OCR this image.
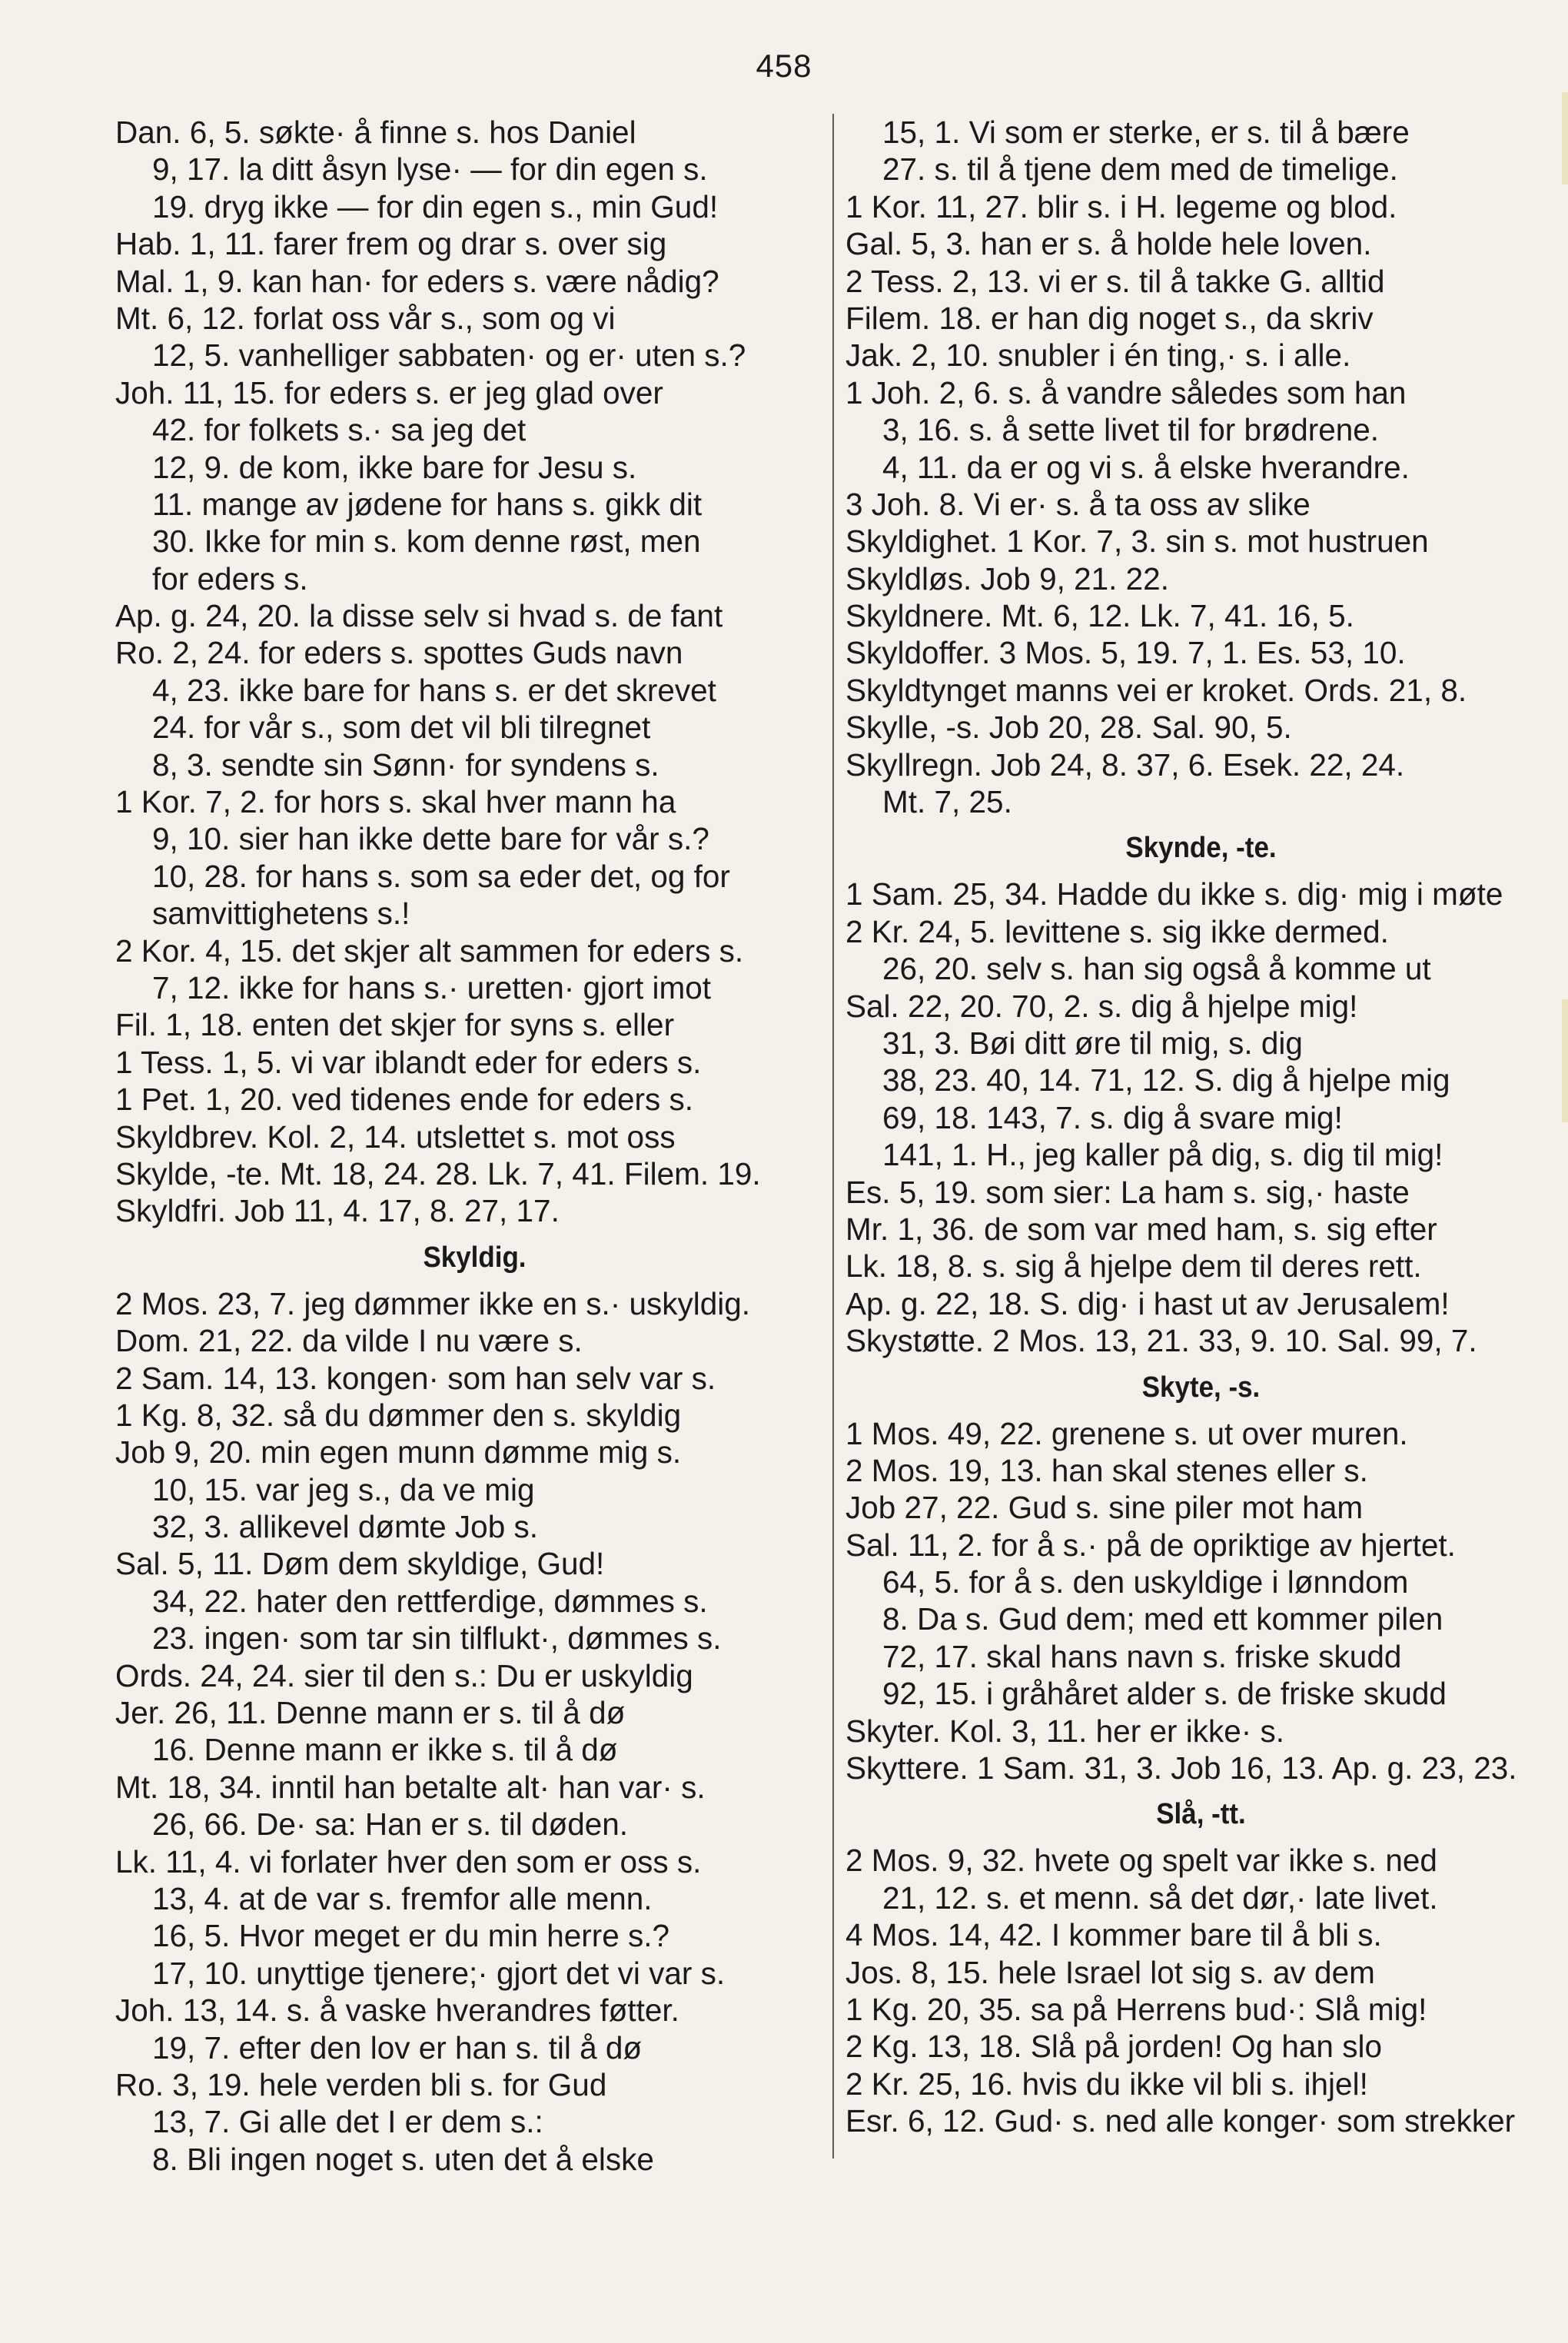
458
Dan. 6, 5. søkte· å finne s. hos Daniel
9, 17. la ditt åsyn lyse· — for din egen s.
19. dryg ikke — for din egen s., min Gud!
Hab. 1, 11. farer frem og drar s. over sig
Mal. 1, 9. kan han· for eders s. være nådig?
Mt. 6, 12. forlat oss vår s., som og vi
12, 5. vanhelliger sabbaten· og er· uten s.?
Joh. 11, 15. for eders s. er jeg glad over
42. for folkets s.· sa jeg det
12, 9. de kom, ikke bare for Jesu s.
11. mange av jødene for hans s. gikk dit
30. Ikke for min s. kom denne røst, men
for eders s.
Ap. g. 24, 20. la disse selv si hvad s. de fant
Ro. 2, 24. for eders s. spottes Guds navn
4, 23. ikke bare for hans s. er det skrevet
24. for vår s., som det vil bli tilregnet
8, 3. sendte sin Sønn· for syndens s.
1 Kor. 7, 2. for hors s. skal hver mann ha
9, 10. sier han ikke dette bare for vår s.?
10, 28. for hans s. som sa eder det, og for
samvittighetens s.!
2 Kor. 4, 15. det skjer alt sammen for eders s.
7, 12. ikke for hans s.· uretten· gjort imot
Fil. 1, 18. enten det skjer for syns s. eller
1 Tess. 1, 5. vi var iblandt eder for eders s.
1 Pet. 1, 20. ved tidenes ende for eders s.
Skyldbrev. Kol. 2, 14. utslettet s. mot oss
Skylde, -te. Mt. 18, 24. 28. Lk. 7, 41. Filem. 19.
Skyldfri. Job 11, 4. 17, 8. 27, 17.
Skyldig.
2 Mos. 23, 7. jeg dømmer ikke en s.· uskyldig.
Dom. 21, 22. da vilde I nu være s.
2 Sam. 14, 13. kongen· som han selv var s.
1 Kg. 8, 32. så du dømmer den s. skyldig
Job 9, 20. min egen munn dømme mig s.
10, 15. var jeg s., da ve mig
32, 3. allikevel dømte Job s.
Sal. 5, 11. Døm dem skyldige, Gud!
34, 22. hater den rettferdige, dømmes s.
23. ingen· som tar sin tilflukt·, dømmes s.
Ords. 24, 24. sier til den s.: Du er uskyldig
Jer. 26, 11. Denne mann er s. til å dø
16. Denne mann er ikke s. til å dø
Mt. 18, 34. inntil han betalte alt· han var· s.
26, 66. De· sa: Han er s. til døden.
Lk. 11, 4. vi forlater hver den som er oss s.
13, 4. at de var s. fremfor alle menn.
16, 5. Hvor meget er du min herre s.?
17, 10. unyttige tjenere;· gjort det vi var s.
Joh. 13, 14. s. å vaske hverandres føtter.
19, 7. efter den lov er han s. til å dø
Ro. 3, 19. hele verden bli s. for Gud
13, 7. Gi alle det I er dem s.:
8. Bli ingen noget s. uten det å elske
15, 1. Vi som er sterke, er s. til å bære
27. s. til å tjene dem med de timelige.
1 Kor. 11, 27. blir s. i H. legeme og blod.
Gal. 5, 3. han er s. å holde hele loven.
2 Tess. 2, 13. vi er s. til å takke G. alltid
Filem. 18. er han dig noget s., da skriv
Jak. 2, 10. snubler i én ting,· s. i alle.
1 Joh. 2, 6. s. å vandre således som han
3, 16. s. å sette livet til for brødrene.
4, 11. da er og vi s. å elske hverandre.
3 Joh. 8. Vi er· s. å ta oss av slike
Skyldighet. 1 Kor. 7, 3. sin s. mot hustruen
Skyldløs. Job 9, 21. 22.
Skyldnere. Mt. 6, 12. Lk. 7, 41. 16, 5.
Skyldoffer. 3 Mos. 5, 19. 7, 1. Es. 53, 10.
Skyldtynget manns vei er kroket. Ords. 21, 8.
Skylle, -s. Job 20, 28. Sal. 90, 5.
Skyllregn. Job 24, 8. 37, 6. Esek. 22, 24.
Mt. 7, 25.
Skynde, -te.
1 Sam. 25, 34. Hadde du ikke s. dig· mig i møte
2 Kr. 24, 5. levittene s. sig ikke dermed.
26, 20. selv s. han sig også å komme ut
Sal. 22, 20. 70, 2. s. dig å hjelpe mig!
31, 3. Bøi ditt øre til mig, s. dig
38, 23. 40, 14. 71, 12. S. dig å hjelpe mig
69, 18. 143, 7. s. dig å svare mig!
141, 1. H., jeg kaller på dig, s. dig til mig!
Es. 5, 19. som sier: La ham s. sig,· haste
Mr. 1, 36. de som var med ham, s. sig efter
Lk. 18, 8. s. sig å hjelpe dem til deres rett.
Ap. g. 22, 18. S. dig· i hast ut av Jerusalem!
Skystøtte. 2 Mos. 13, 21. 33, 9. 10. Sal. 99, 7.
Skyte, -s.
1 Mos. 49, 22. grenene s. ut over muren.
2 Mos. 19, 13. han skal stenes eller s.
Job 27, 22. Gud s. sine piler mot ham
Sal. 11, 2. for å s.· på de opriktige av hjertet.
64, 5. for å s. den uskyldige i lønndom
8. Da s. Gud dem; med ett kommer pilen
72, 17. skal hans navn s. friske skudd
92, 15. i gråhåret alder s. de friske skudd
Skyter. Kol. 3, 11. her er ikke· s.
Skyttere. 1 Sam. 31, 3. Job 16, 13. Ap. g. 23, 23.
Slå, -tt.
2 Mos. 9, 32. hvete og spelt var ikke s. ned
21, 12. s. et menn. så det dør,· late livet.
4 Mos. 14, 42. I kommer bare til å bli s.
Jos. 8, 15. hele Israel lot sig s. av dem
1 Kg. 20, 35. sa på Herrens bud·: Slå mig!
2 Kg. 13, 18. Slå på jorden! Og han slo
2 Kr. 25, 16. hvis du ikke vil bli s. ihjel!
Esr. 6, 12. Gud· s. ned alle konger· som strekker
